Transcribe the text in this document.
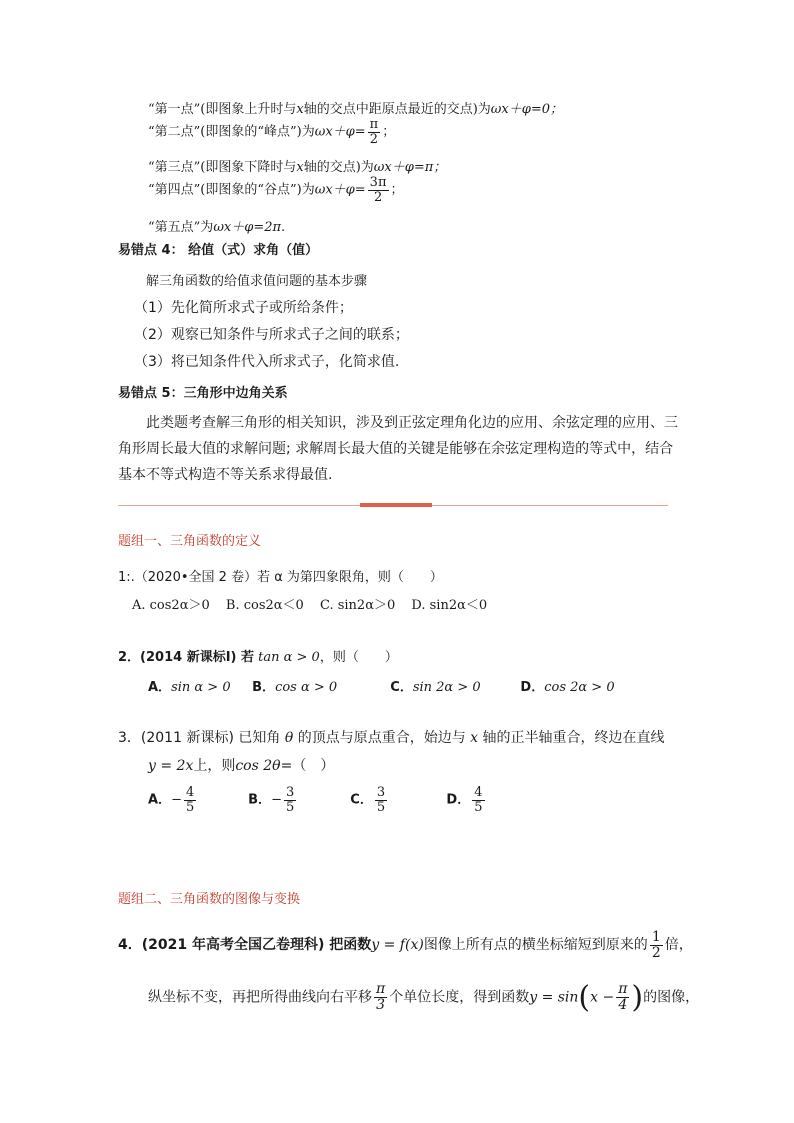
“第一点”(即图象上升时与x轴的交点中距原点最近的交点)为ωx＋φ=0；
“第二点”(即图象的“峰点”)为$\omega x+\varphi= \frac{\pi}{2}$ ；
“第三点”(即图象下降时与x轴的交点)为ωx＋φ=π；
“第四点”(即图象的“谷点”)为$\omega x+\varphi= \frac{3\pi}{2}$ ；
“第五点”为ωx＋φ=2π.
易错点 4： 给值（式）求角（值）
解三角函数的给值求值问题的基本步骤
（1）先化简所求式子或所给条件；
（2）观察已知条件与所求式子之间的联系；
（3）将已知条件代入所求式子，化简求值.
易错点 5：三角形中边角关系
此类题考查解三角形的相关知识，涉及到正弦定理角化边的应用、余弦定理的应用、三角形周长最大值的求解问题; 求解周长最大值的关键是能够在余弦定理构造的等式中，结合基本不等式构造不等关系求得最值.
题组一、三角函数的定义
1:.（2020•全国 2 卷）若 α 为第四象限角，则（　　）
A. cos2α＞0 B. cos2α＜0 C. sin2α＞0 D. sin2α＜0
2．(2014 新课标Ⅰ) 若 tan α > 0，则（　　）
A．sin α > 0 B．cos α > 0	C．sin 2α > 0	D．cos 2α > 0
3．(2011 新课标) 已知角 θ 的顶点与原点重合，始边与 x 轴的正半轴重合，终边在直线
y = 2x上，则cos 2θ=（　）
A．− $\frac{4}{5}$	B．− $\frac{3}{5}$	C． $\frac{3}{5}$	D． $\frac{4}{5}$
题组二、三角函数的图像与变换
4．(2021 年高考全国乙卷理科) 把函数y = f(x)图像上所有点的横坐标缩短到原来的 $\frac{1}{2}$ 倍，
纵坐标不变，再把所得曲线向右平移 $\frac{\pi}{3}$ 个单位长度，得到函数$y = \sin(x - \frac{\pi}{4}$ )的图像，
